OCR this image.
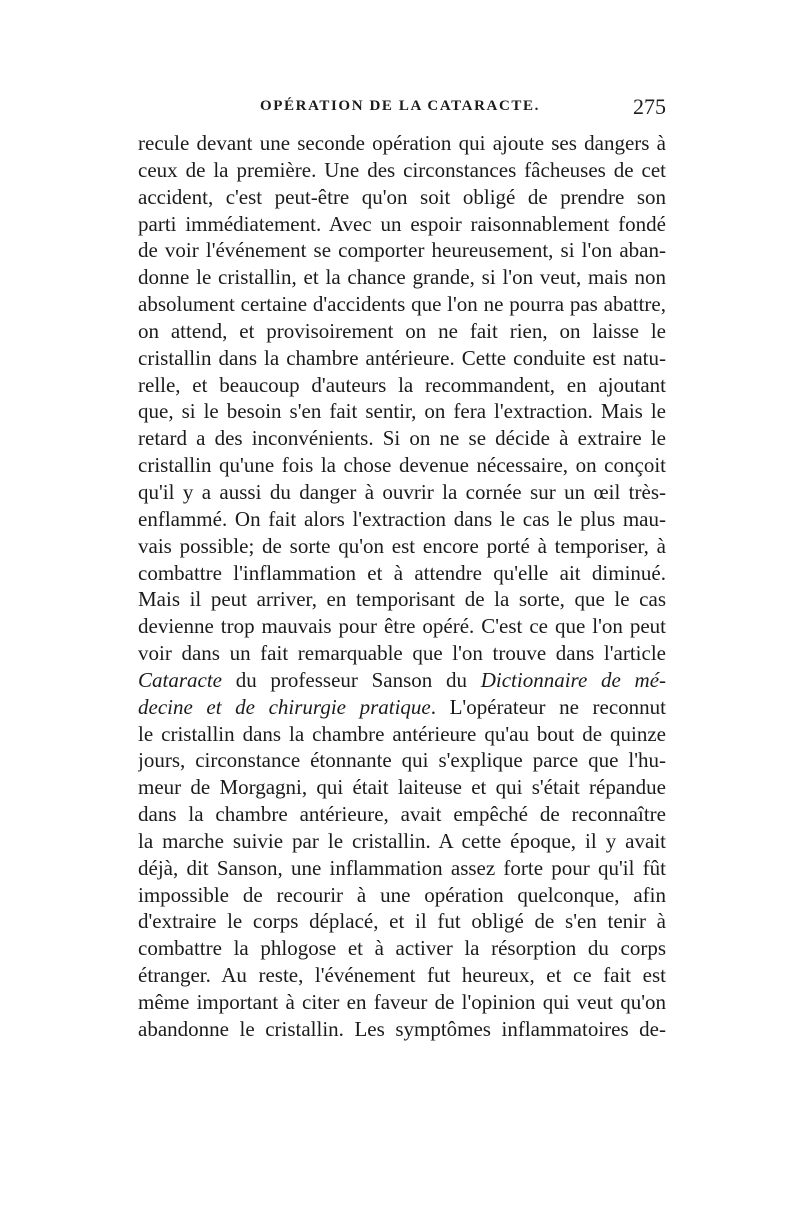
OPÉRATION DE LA CATARACTE.	275
recule devant une seconde opération qui ajoute ses dangers à
ceux de la première. Une des circonstances fâcheuses de cet
accident, c'est peut-être qu'on soit obligé de prendre son
parti immédiatement. Avec un espoir raisonnablement fondé
de voir l'événement se comporter heureusement, si l'on aban-
donne le cristallin, et la chance grande, si l'on veut, mais non
absolument certaine d'accidents que l'on ne pourra pas abattre,
on attend, et provisoirement on ne fait rien, on laisse le
cristallin dans la chambre antérieure. Cette conduite est natu-
relle, et beaucoup d'auteurs la recommandent, en ajoutant
que, si le besoin s'en fait sentir, on fera l'extraction. Mais le
retard a des inconvénients. Si on ne se décide à extraire le
cristallin qu'une fois la chose devenue nécessaire, on conçoit
qu'il y a aussi du danger à ouvrir la cornée sur un œil très-
enflammé. On fait alors l'extraction dans le cas le plus mau-
vais possible; de sorte qu'on est encore porté à temporiser, à
combattre l'inflammation et à attendre qu'elle ait diminué.
Mais il peut arriver, en temporisant de la sorte, que le cas
devienne trop mauvais pour être opéré. C'est ce que l'on peut
voir dans un fait remarquable que l'on trouve dans l'article
Cataracte du professeur Sanson du Dictionnaire de mé-
decine et de chirurgie pratique. L'opérateur ne reconnut
le cristallin dans la chambre antérieure qu'au bout de quinze
jours, circonstance étonnante qui s'explique parce que l'hu-
meur de Morgagni, qui était laiteuse et qui s'était répandue
dans la chambre antérieure, avait empêché de reconnaître
la marche suivie par le cristallin. A cette époque, il y avait
déjà, dit Sanson, une inflammation assez forte pour qu'il fût
impossible de recourir à une opération quelconque, afin
d'extraire le corps déplacé, et il fut obligé de s'en tenir à
combattre la phlogose et à activer la résorption du corps
étranger. Au reste, l'événement fut heureux, et ce fait est
même important à citer en faveur de l'opinion qui veut qu'on
abandonne le cristallin. Les symptômes inflammatoires de-
